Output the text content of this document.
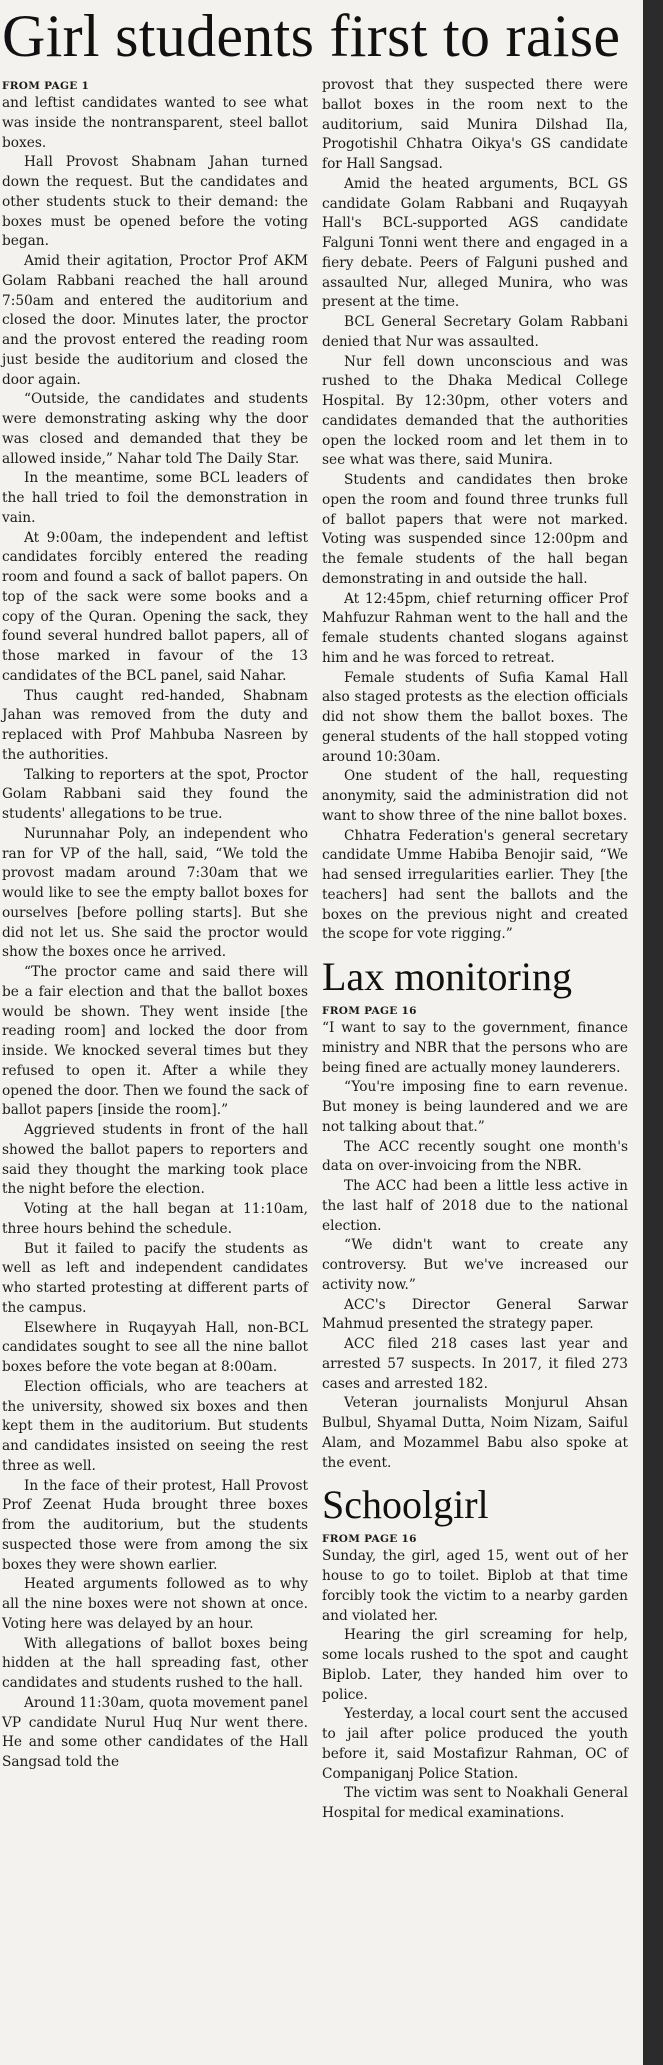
Girl students first to raise
FROM PAGE 1

and leftist candidates wanted to see what was inside the nontransparent, steel ballot boxes.

Hall Provost Shabnam Jahan turned down the request. But the candidates and other students stuck to their demand: the boxes must be opened before the voting began.

Amid their agitation, Proctor Prof AKM Golam Rabbani reached the hall around 7:50am and entered the auditorium and closed the door. Minutes later, the proctor and the provost entered the reading room just beside the auditorium and closed the door again.

“Outside, the candidates and students were demonstrating asking why the door was closed and demanded that they be allowed inside,” Nahar told The Daily Star.

In the meantime, some BCL leaders of the hall tried to foil the demonstration in vain.

At 9:00am, the independent and leftist candidates forcibly entered the reading room and found a sack of ballot papers. On top of the sack were some books and a copy of the Quran. Opening the sack, they found several hundred ballot papers, all of those marked in favour of the 13 candidates of the BCL panel, said Nahar.

Thus caught red-handed, Shabnam Jahan was removed from the duty and replaced with Prof Mahbuba Nasreen by the authorities.

Talking to reporters at the spot, Proctor Golam Rabbani said they found the students' allegations to be true.

Nurunnahar Poly, an independent who ran for VP of the hall, said, “We told the provost madam around 7:30am that we would like to see the empty ballot boxes for ourselves [before polling starts]. But she did not let us. She said the proctor would show the boxes once he arrived.

“The proctor came and said there will be a fair election and that the ballot boxes would be shown. They went inside [the reading room] and locked the door from inside. We knocked several times but they refused to open it. After a while they opened the door. Then we found the sack of ballot papers [inside the room].”

Aggrieved students in front of the hall showed the ballot papers to reporters and said they thought the marking took place the night before the election.

Voting at the hall began at 11:10am, three hours behind the schedule.

But it failed to pacify the students as well as left and independent candidates who started protesting at different parts of the campus.

Elsewhere in Ruqayyah Hall, non-BCL candidates sought to see all the nine ballot boxes before the vote began at 8:00am.

Election officials, who are teachers at the university, showed six boxes and then kept them in the auditorium. But students and candidates insisted on seeing the rest three as well.

In the face of their protest, Hall Provost Prof Zeenat Huda brought three boxes from the auditorium, but the students suspected those were from among the six boxes they were shown earlier.

Heated arguments followed as to why all the nine boxes were not shown at once. Voting here was delayed by an hour.

With allegations of ballot boxes being hidden at the hall spreading fast, other candidates and students rushed to the hall.

Around 11:30am, quota movement panel VP candidate Nurul Huq Nur went there. He and some other candidates of the Hall Sangsad told the

provost that they suspected there were ballot boxes in the room next to the auditorium, said Munira Dilshad Ila, Progotishil Chhatra Oikya's GS candidate for Hall Sangsad.

Amid the heated arguments, BCL GS candidate Golam Rabbani and Ruqayyah Hall's BCL-supported AGS candidate Falguni Tonni went there and engaged in a fiery debate. Peers of Falguni pushed and assaulted Nur, alleged Munira, who was present at the time.

BCL General Secretary Golam Rabbani denied that Nur was assaulted.

Nur fell down unconscious and was rushed to the Dhaka Medical College Hospital. By 12:30pm, other voters and candidates demanded that the authorities open the locked room and let them in to see what was there, said Munira.

Students and candidates then broke open the room and found three trunks full of ballot papers that were not marked. Voting was suspended since 12:00pm and the female students of the hall began demonstrating in and outside the hall.

At 12:45pm, chief returning officer Prof Mahfuzur Rahman went to the hall and the female students chanted slogans against him and he was forced to retreat.

Female students of Sufia Kamal Hall also staged protests as the election officials did not show them the ballot boxes. The general students of the hall stopped voting around 10:30am.

One student of the hall, requesting anonymity, said the administration did not want to show three of the nine ballot boxes.

Chhatra Federation's general secretary candidate Umme Habiba Benojir said, “We had sensed irregularities earlier. They [the teachers] had sent the ballots and the boxes on the previous night and created the scope for vote rigging.”

Lax monitoring
FROM PAGE 16

“I want to say to the government, finance ministry and NBR that the persons who are being fined are actually money launderers.

“You're imposing fine to earn revenue. But money is being laundered and we are not talking about that.”

The ACC recently sought one month's data on over-invoicing from the NBR.

The ACC had been a little less active in the last half of 2018 due to the national election.

“We didn't want to create any controversy. But we've increased our activity now.”

ACC's Director General Sarwar Mahmud presented the strategy paper.

ACC filed 218 cases last year and arrested 57 suspects. In 2017, it filed 273 cases and arrested 182.

Veteran journalists Monjurul Ahsan Bulbul, Shyamal Dutta, Noim Nizam, Saiful Alam, and Mozammel Babu also spoke at the event.

Schoolgirl
FROM PAGE 16

Sunday, the girl, aged 15, went out of her house to go to toilet. Biplob at that time forcibly took the victim to a nearby garden and violated her.

Hearing the girl screaming for help, some locals rushed to the spot and caught Biplob. Later, they handed him over to police.

Yesterday, a local court sent the accused to jail after police produced the youth before it, said Mostafizur Rahman, OC of Companiganj Police Station.

The victim was sent to Noakhali General Hospital for medical examinations.
